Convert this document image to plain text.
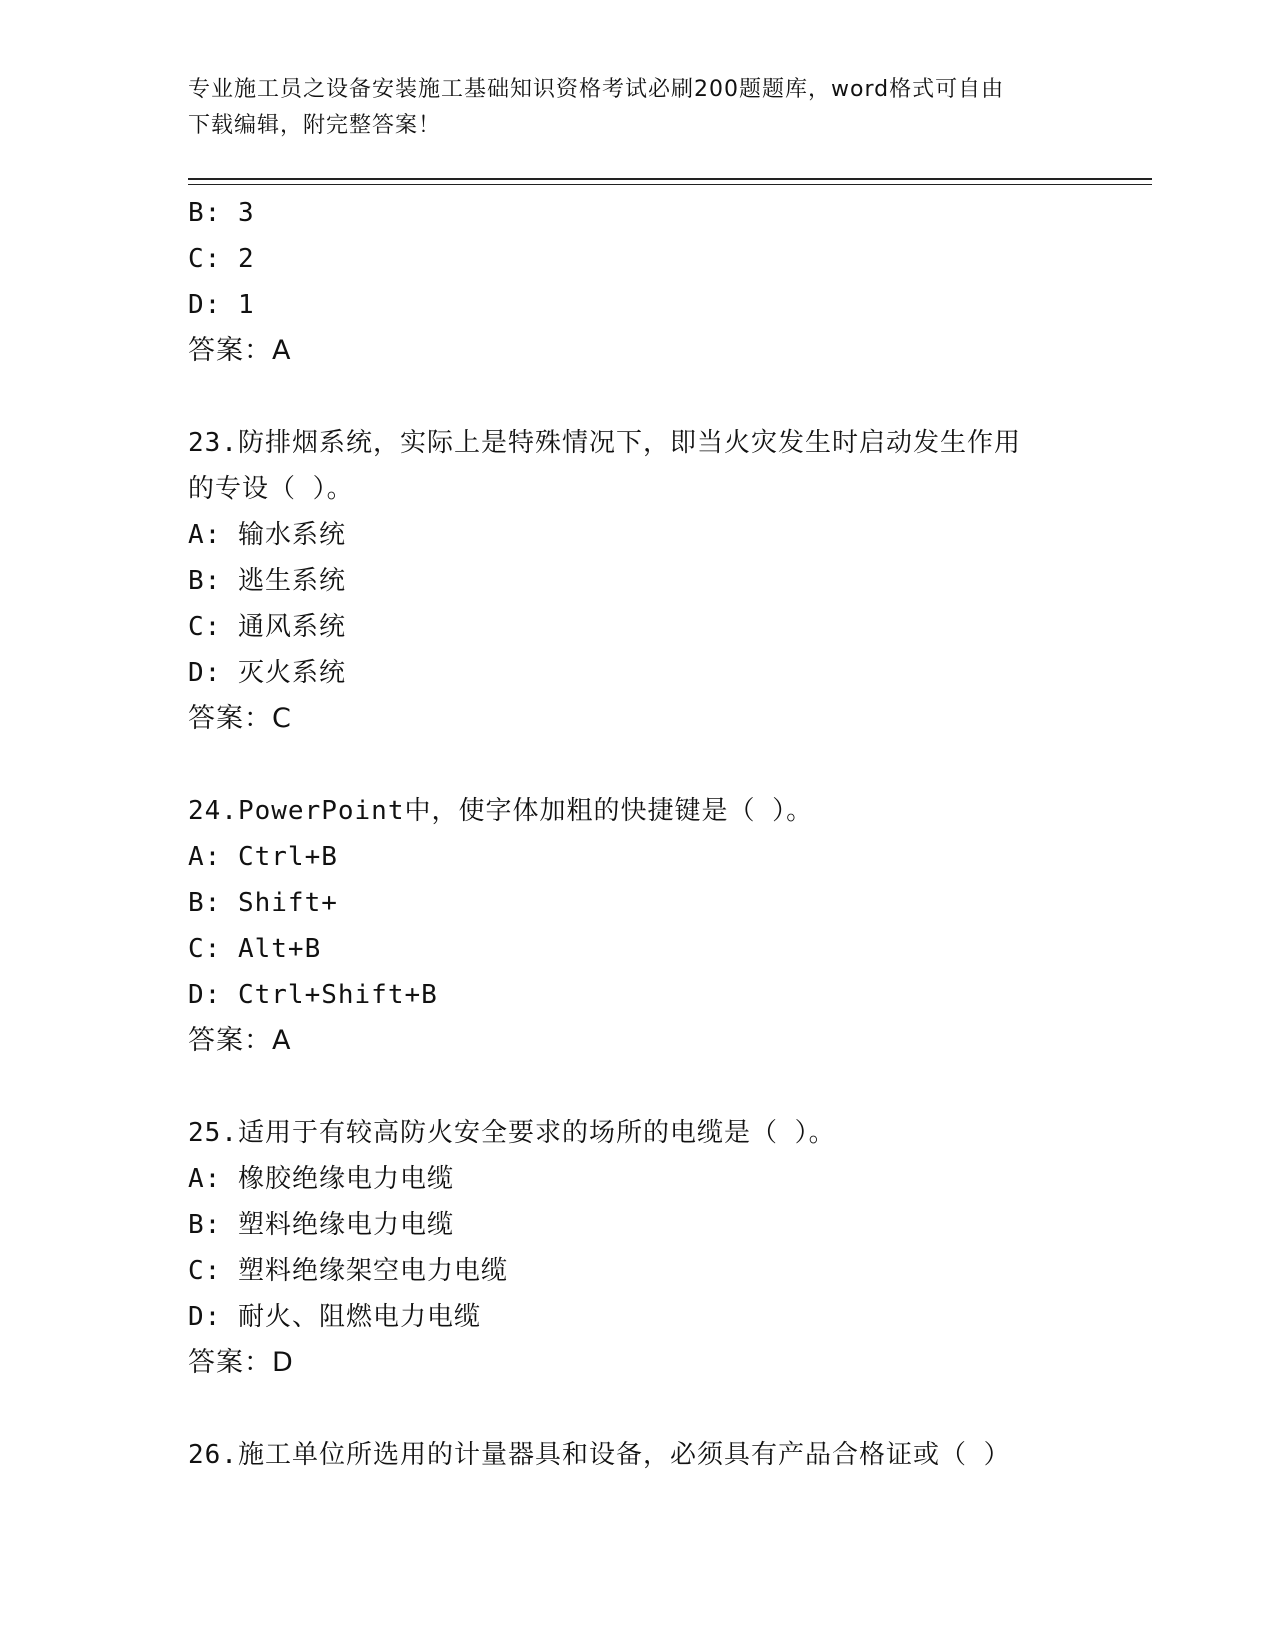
专业施工员之设备安装施工基础知识资格考试必刷200题题库，word格式可自由
下载编辑，附完整答案！
B: 3
C: 2
D: 1
答案：A
23.防排烟系统，实际上是特殊情况下，即当火灾发生时启动发生作用
的专设（ ）。
A: 输水系统
B: 逃生系统
C: 通风系统
D: 灭火系统
答案：C
24.PowerPoint中，使字体加粗的快捷键是（ ）。
A: Ctrl+B
B: Shift+
C: Alt+B
D: Ctrl+Shift+B
答案：A
25.适用于有较高防火安全要求的场所的电缆是（ ）。
A: 橡胶绝缘电力电缆
B: 塑料绝缘电力电缆
C: 塑料绝缘架空电力电缆
D: 耐火、阻燃电力电缆
答案：D
26.施工单位所选用的计量器具和设备，必须具有产品合格证或（ ）
